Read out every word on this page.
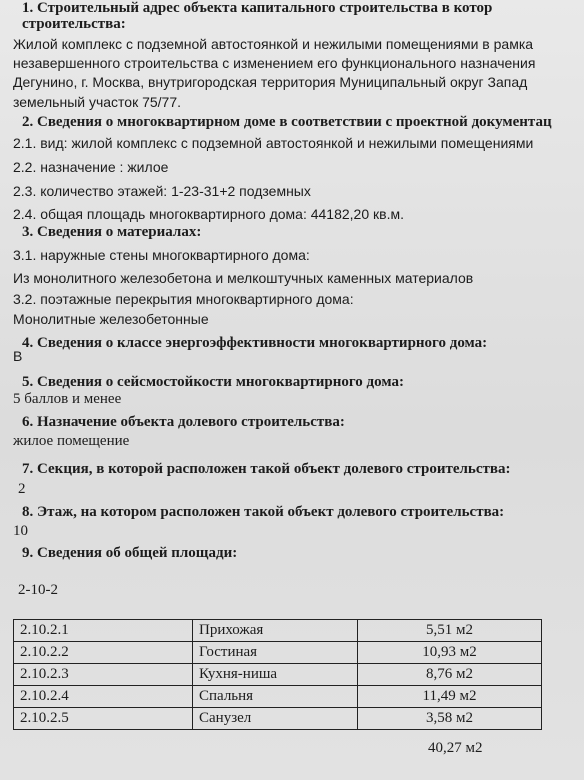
1. Строительный адрес объекта капитального строительства в котор
строительства:
Жилой комплекс с подземной автостоянкой и нежилыми помещениями в рамка
незавершенного строительства с изменением его функционального назначения
Дегунино, г. Москва, внутригородская территория Муниципальный округ Запад
земельный участок 75/77.
2. Сведения о многоквартирном доме в соответствии с проектной документац
2.1. вид: жилой комплекс с подземной автостоянкой и нежилыми помещениями
2.2. назначение : жилое
2.3. количество этажей: 1-23-31+2 подземных
2.4. общая площадь многоквартирного дома: 44182,20 кв.м.
3. Сведения о материалах:
3.1. наружные стены многоквартирного дома:
Из монолитного железобетона и мелкоштучных каменных материалов
3.2. поэтажные перекрытия многоквартирного дома:
Монолитные железобетонные
4. Сведения о классе энергоэффективности многоквартирного дома:
В
5. Сведения о сейсмостойкости многоквартирного дома:
5 баллов и менее
6. Назначение объекта долевого строительства:
жилое помещение
7. Секция, в которой расположен такой объект долевого строительства:
2
8. Этаж, на котором расположен такой объект долевого строительства:
10
9. Сведения об общей площади:
2-10-2
2.10.2.1	Прихожая	5,51 м2
2.10.2.2	Гостиная	10,93 м2
2.10.2.3	Кухня-ниша	8,76 м2
2.10.2.4	Спальня	11,49 м2
2.10.2.5	Санузел	3,58 м2
40,27 м2
